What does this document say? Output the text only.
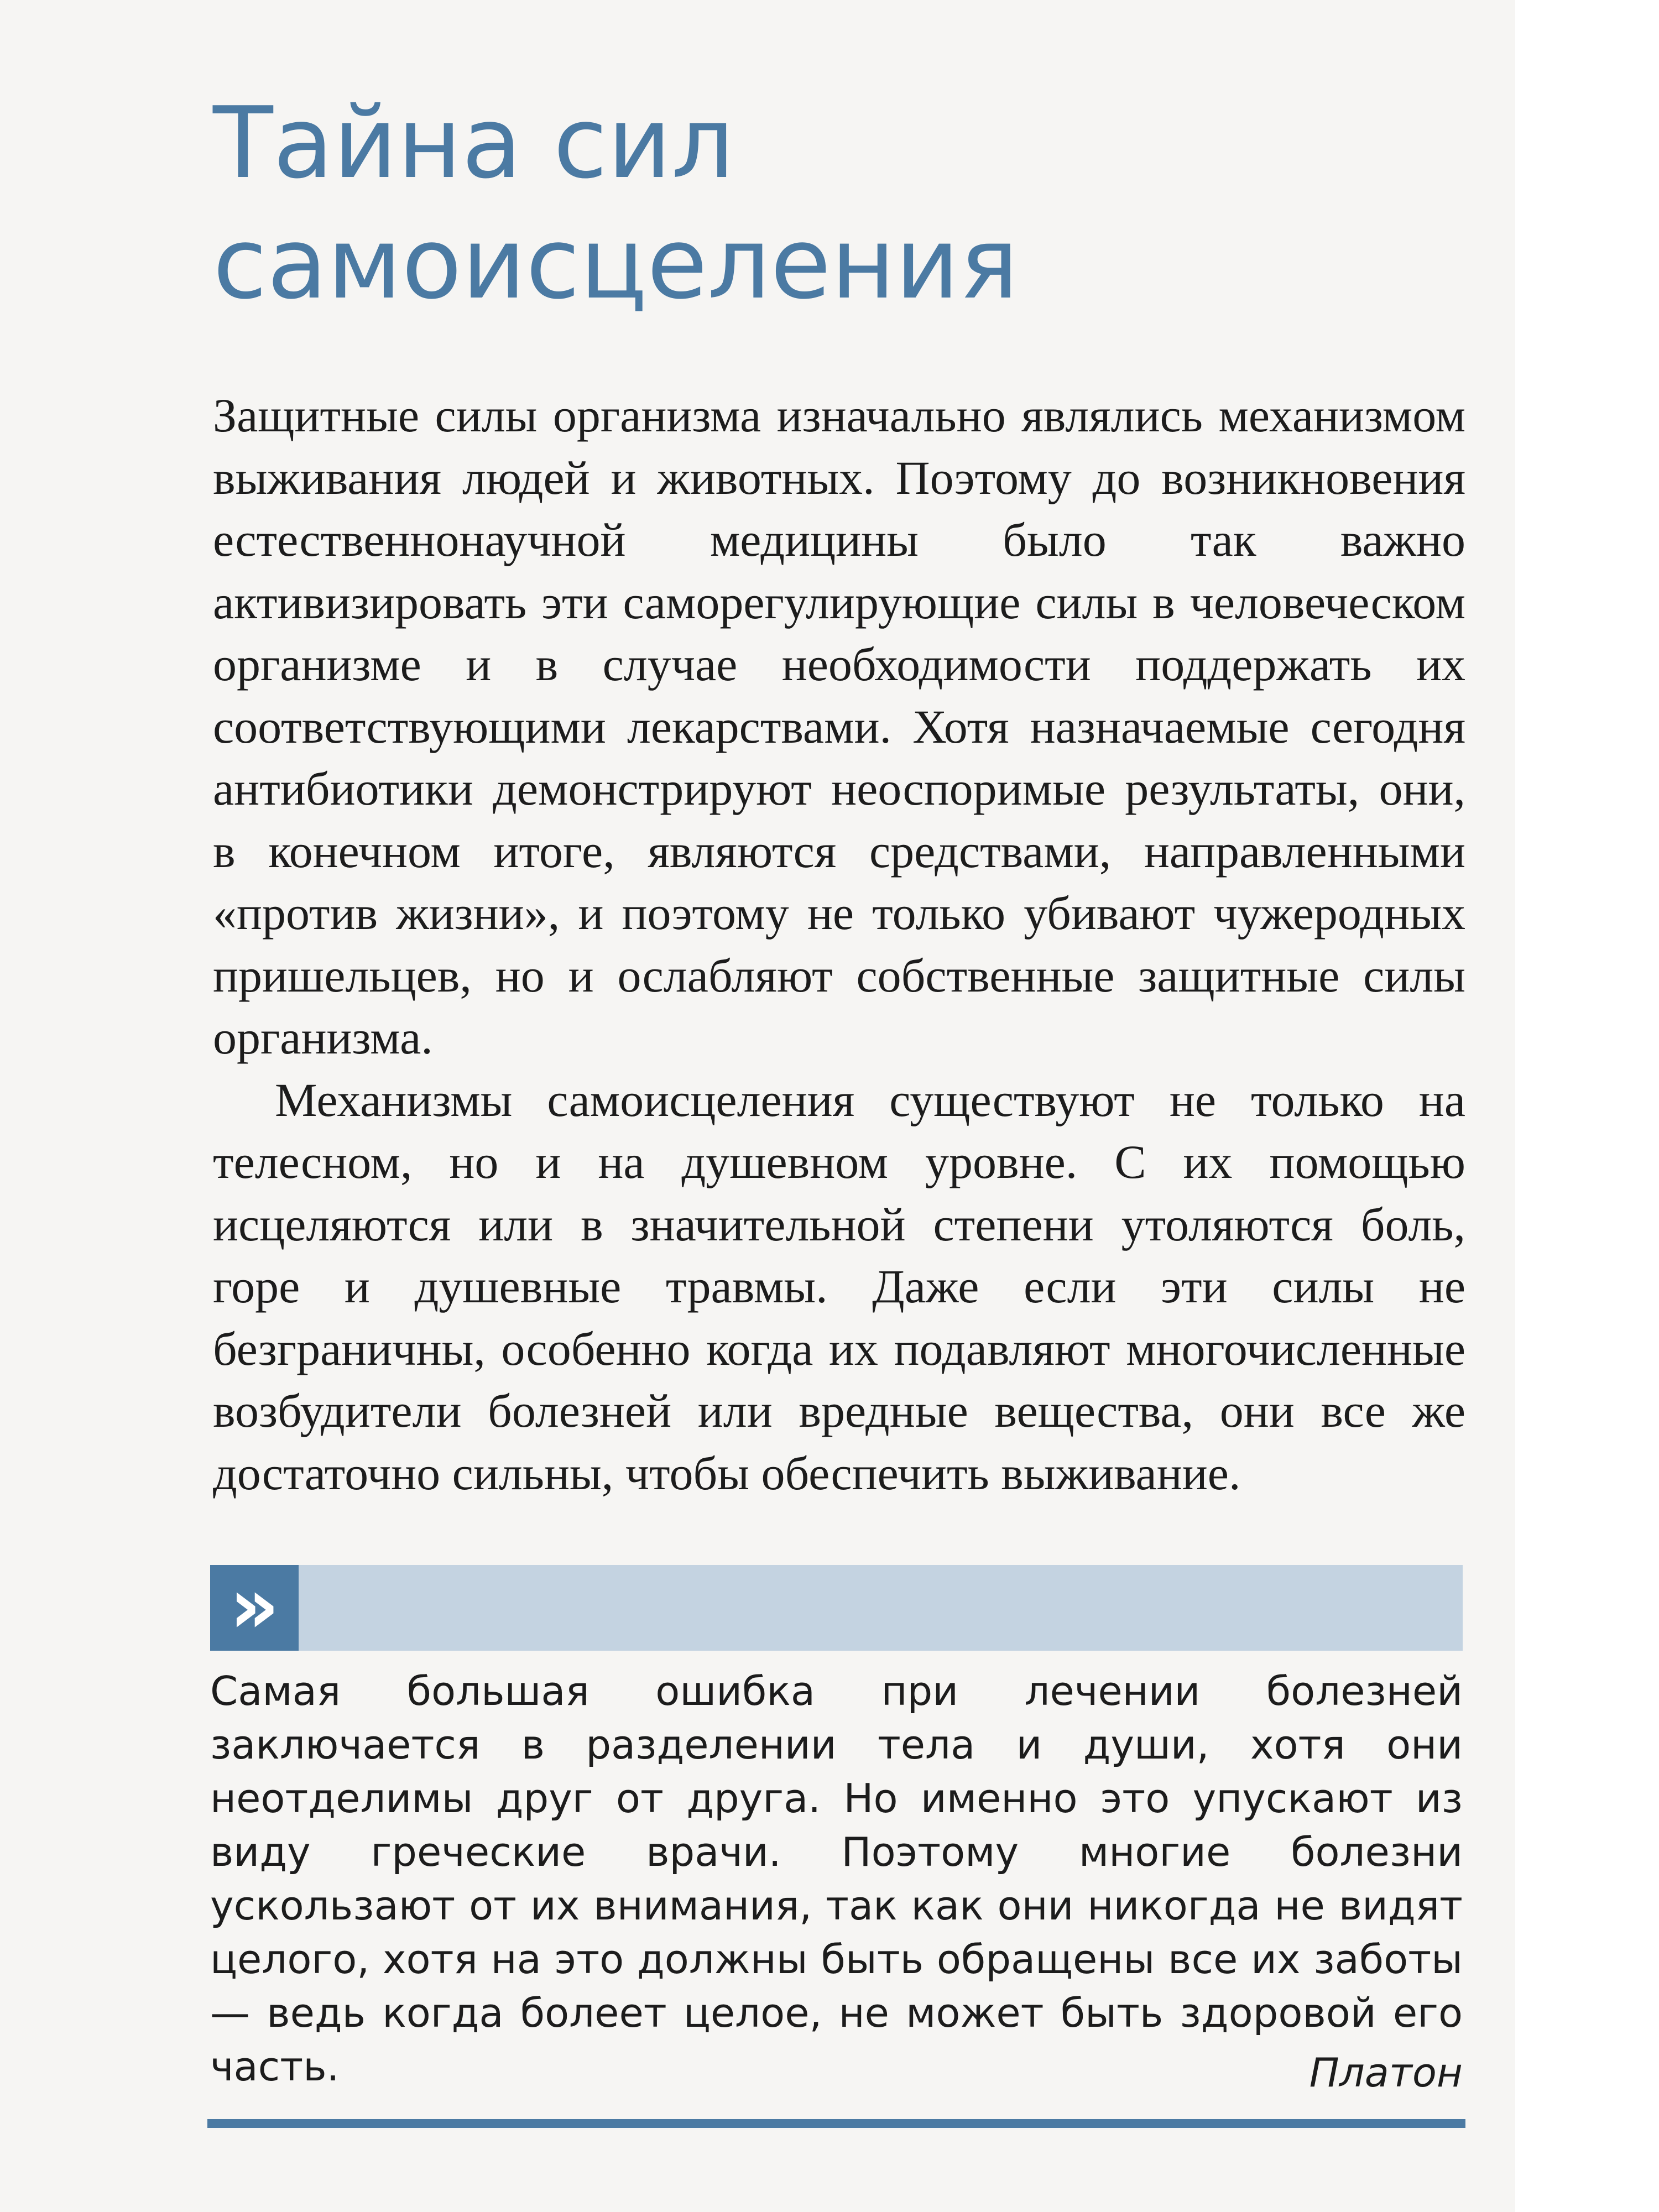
Тайна сил
самоисцеления

Защитные силы организма изначально являлись механизмом выживания людей и животных. Поэтому до возникновения естественнонаучной медицины было так важно активизировать эти саморегулирующие силы в человеческом организме и в случае необходимости поддержать их соответствующими лекарствами. Хотя назначаемые сегодня антибиотики демонстрируют неоспоримые результаты, они, в конечном итоге, являются средствами, направленными «против жизни», и поэтому не только убивают чужеродных пришельцев, но и ослабляют собственные защитные силы организма.

Механизмы самоисцеления существуют не только на телесном, но и на душевном уровне. С их помощью исцеляются или в значительной степени утоляются боль, горе и душевные травмы. Даже если эти силы не безграничны, особенно когда их подавляют многочисленные возбудители болезней или вредные вещества, они все же достаточно сильны, чтобы обеспечить выживание.

»
Самая большая ошибка при лечении болезней заключается в разделении тела и души, хотя они неотделимы друг от друга. Но именно это упускают из виду греческие врачи. Поэтому многие болезни ускользают от их внимания, так как они никогда не видят целого, хотя на это должны быть обращены все их заботы — ведь когда болеет целое, не может быть здоровой его часть.	Платон
